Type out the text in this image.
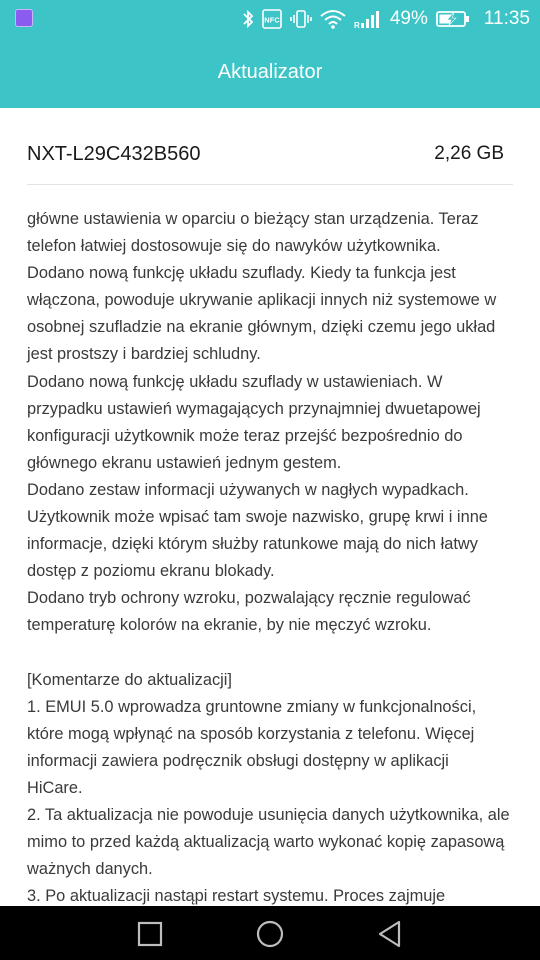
NFC
R 49%	11:35
Aktualizator
NXT-L29C432B560	2,26 GB

główne ustawienia w oparciu o bieżący stan urządzenia. Teraz

telefon łatwiej dostosowuje się do nawyków użytkownika.

Dodano nową funkcję układu szuflady. Kiedy ta funkcja jest

włączona, powoduje ukrywanie aplikacji innych niż systemowe w

osobnej szufladzie na ekranie głównym, dzięki czemu jego układ

jest prostszy i bardziej schludny.

Dodano nową funkcję układu szuflady w ustawieniach. W

przypadku ustawień wymagających przynajmniej dwuetapowej

konfiguracji użytkownik może teraz przejść bezpośrednio do

głównego ekranu ustawień jednym gestem.

Dodano zestaw informacji używanych w nagłych wypadkach.

Użytkownik może wpisać tam swoje nazwisko, grupę krwi i inne

informacje, dzięki którym służby ratunkowe mają do nich łatwy

dostęp z poziomu ekranu blokady.

Dodano tryb ochrony wzroku, pozwalający ręcznie regulować

temperaturę kolorów na ekranie, by nie męczyć wzroku.

[Komentarze do aktualizacji]

1. EMUI 5.0 wprowadza gruntowne zmiany w funkcjonalności,

które mogą wpłynąć na sposób korzystania z telefonu. Więcej

informacji zawiera podręcznik obsługi dostępny w aplikacji

HiCare.

2. Ta aktualizacja nie powoduje usunięcia danych użytkownika, ale

mimo to przed każdą aktualizacją warto wykonać kopię zapasową

ważnych danych.

3. Po aktualizacji nastąpi restart systemu. Proces zajmuje
